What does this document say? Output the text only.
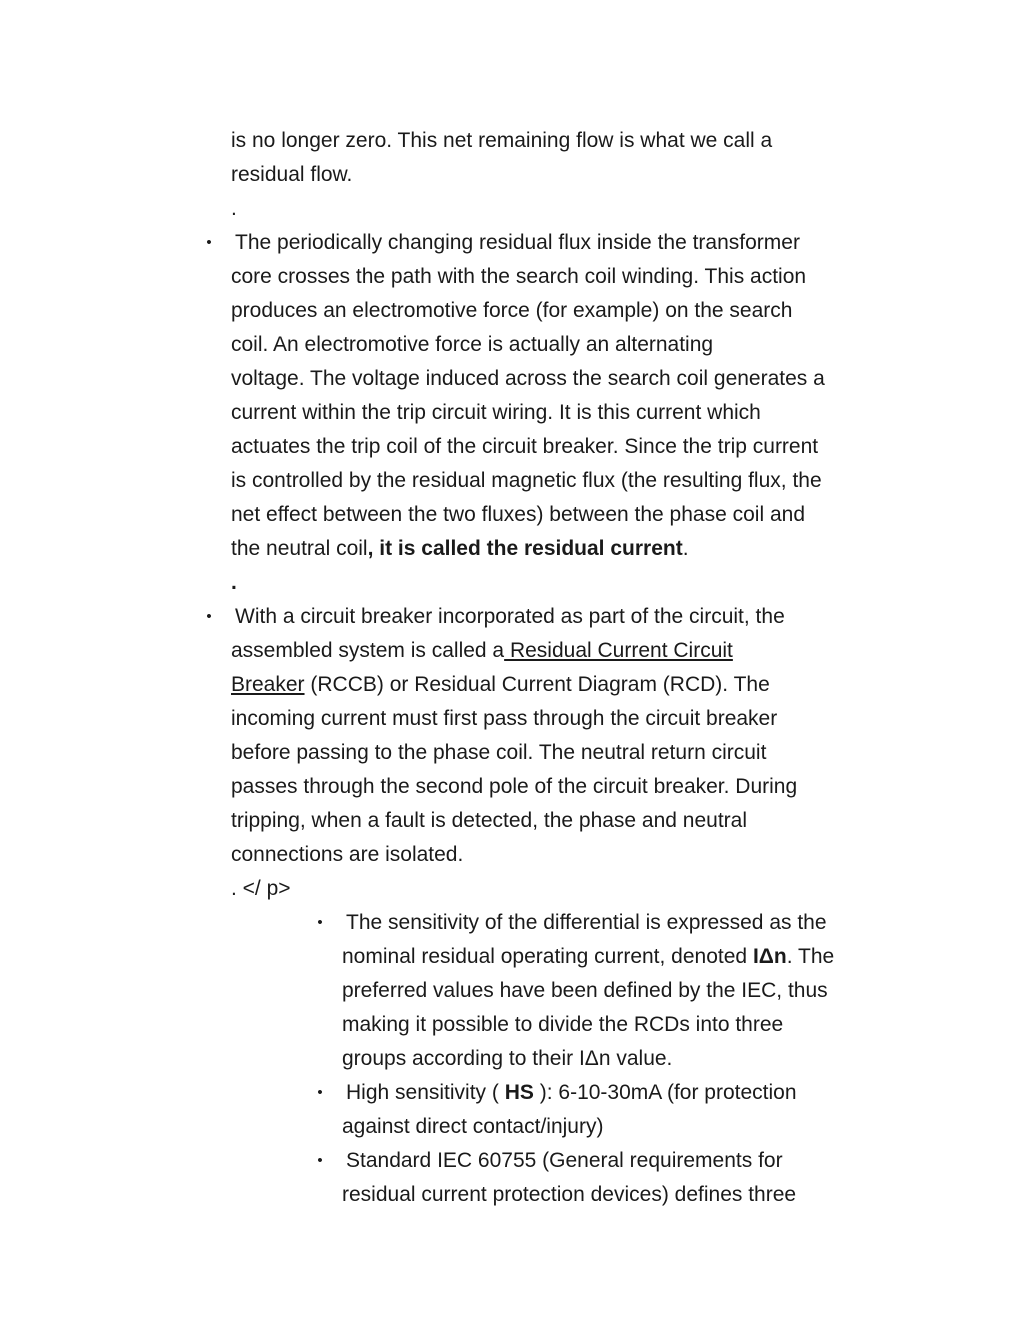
is no longer zero. This net remaining flow is what we call a
residual flow.
.
• The periodically changing residual flux inside the transformer
core crosses the path with the search coil winding. This action
produces an electromotive force (for example) on the search
coil. An electromotive force is actually an alternating
voltage. The voltage induced across the search coil generates a
current within the trip circuit wiring. It is this current which
actuates the trip coil of the circuit breaker. Since the trip current
is controlled by the residual magnetic flux (the resulting flux, the
net effect between the two fluxes) between the phase coil and
the neutral coil, it is called the residual current.
.
• With a circuit breaker incorporated as part of the circuit, the
assembled system is called a Residual Current Circuit
Breaker (RCCB) or Residual Current Diagram (RCD). The
incoming current must first pass through the circuit breaker
before passing to the phase coil. The neutral return circuit
passes through the second pole of the circuit breaker. During
tripping, when a fault is detected, the phase and neutral
connections are isolated.
. </ p>
• The sensitivity of the differential is expressed as the
nominal residual operating current, denoted IΔn. The
preferred values have been defined by the IEC, thus
making it possible to divide the RCDs into three
groups according to their IΔn value.
• High sensitivity ( HS ): 6-10-30mA (for protection
against direct contact/injury)
• Standard IEC 60755 (General requirements for
residual current protection devices) defines three
